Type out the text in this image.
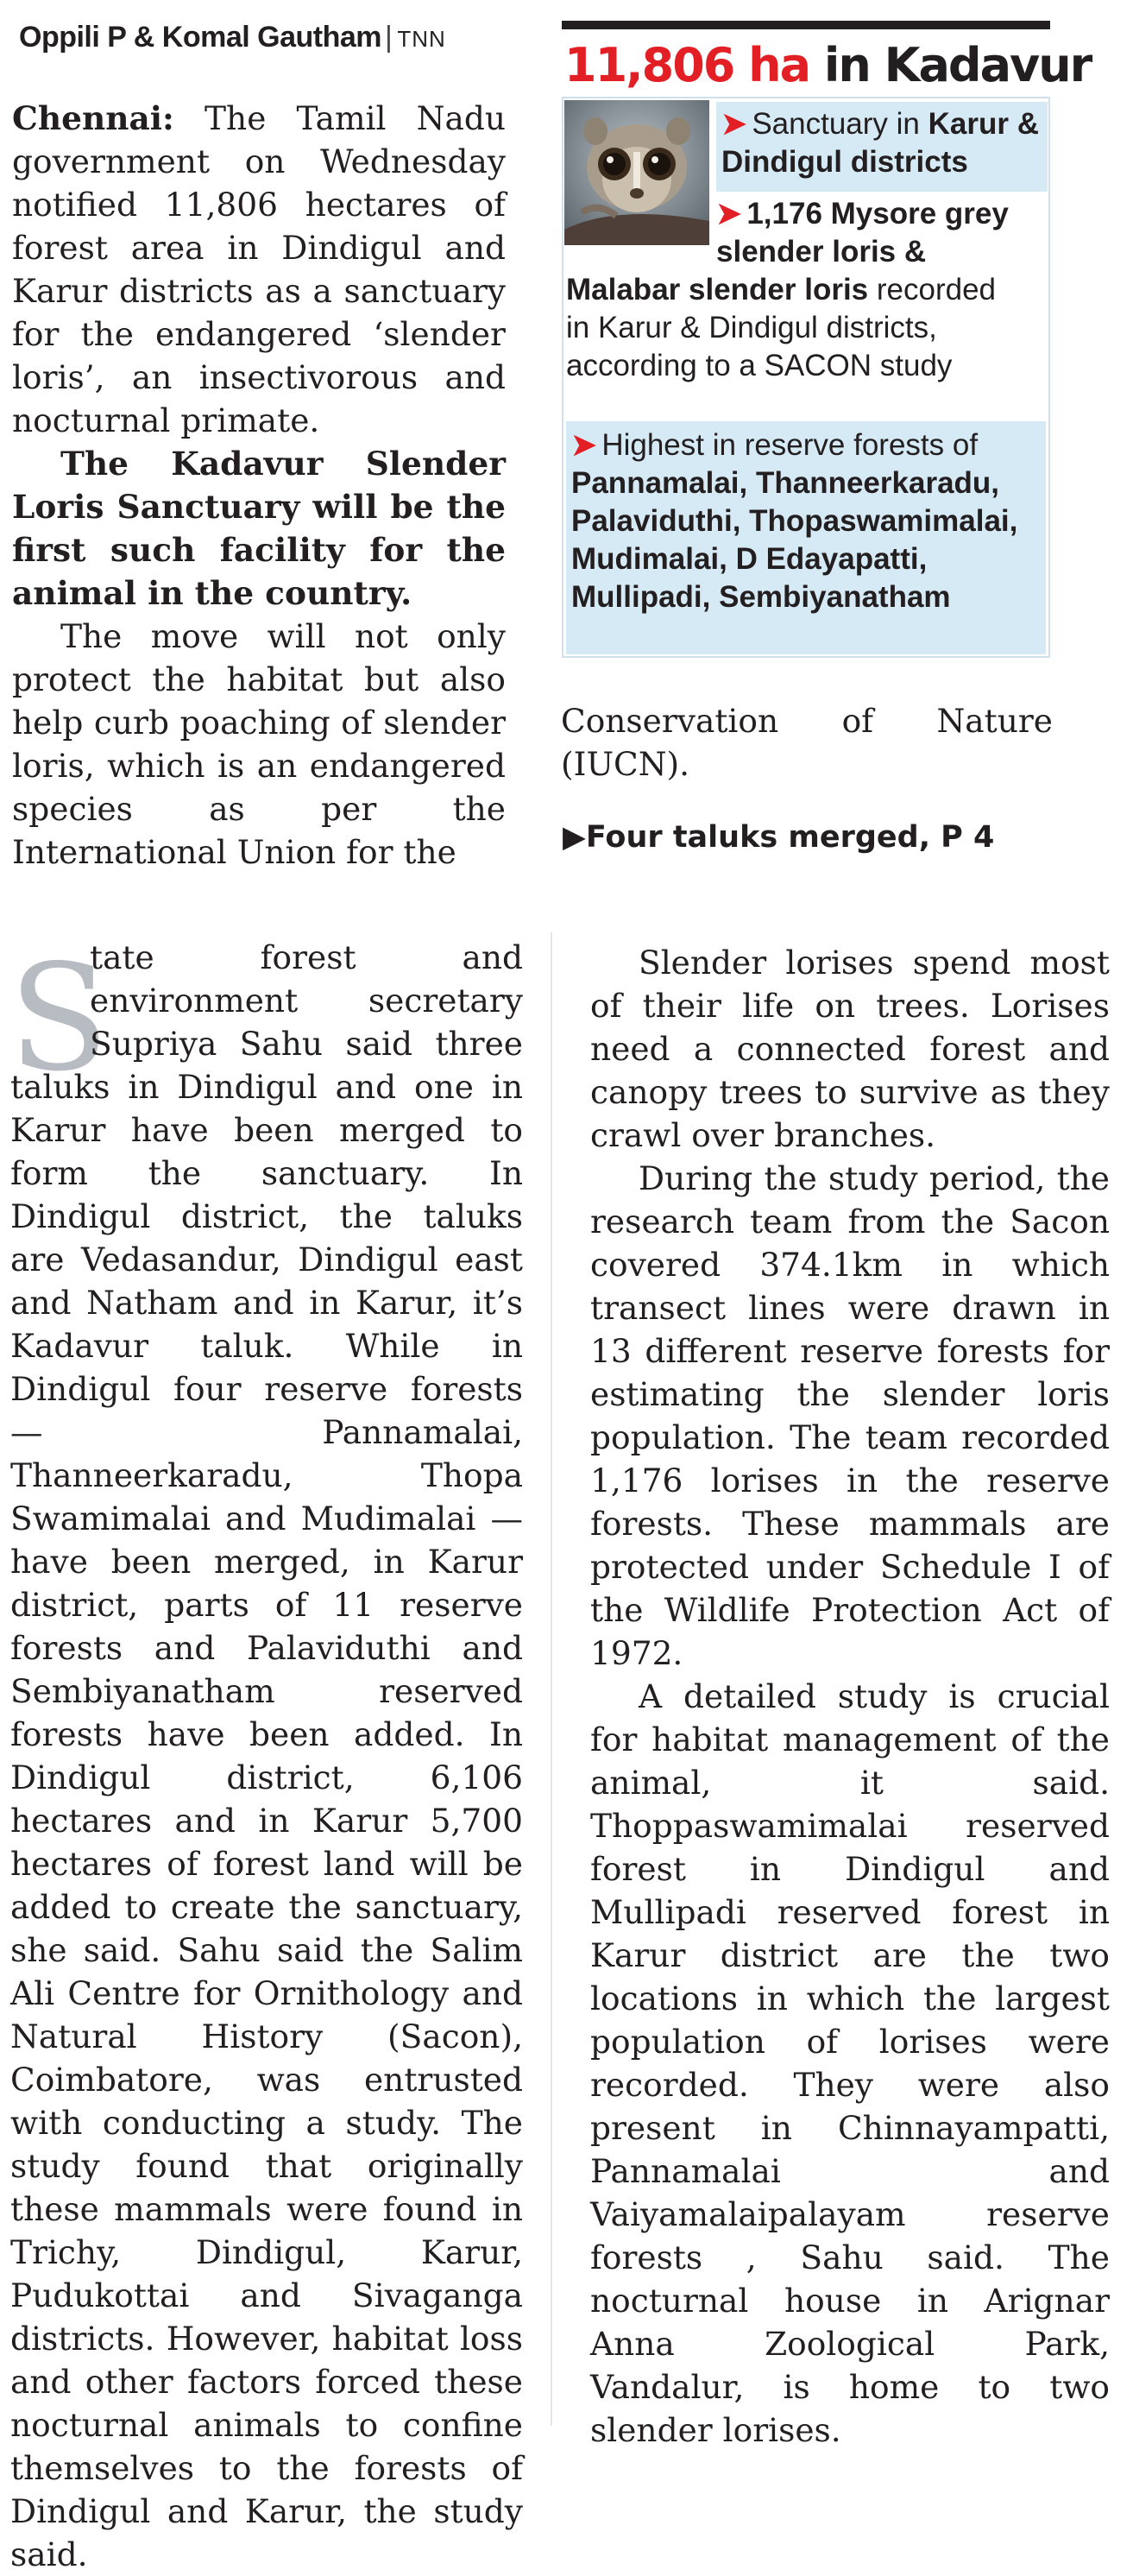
Oppili P & Komal Gautham | TNN

Chennai: The Tamil Nadu government on Wednesday notified 11,806 hectares of forest area in Dindigul and Karur districts as a sanctuary for the endangered ‘slender loris’, an insectivorous and nocturnal primate.

The Kadavur Slender Loris Sanctuary will be the first such facility for the animal in the country.

The move will not only protect the habitat but also help curb poaching of slender loris, which is an endangered species as per the International Union for the

Conservation of Nature (IUCN).

▶Four taluks merged, P 4
11,806 ha in Kadavur
➤ Sanctuary in Karur & Dindigul districts
➤ 1,176 Mysore grey
slender loris &
Malabar slender loris recorded
in Karur & Dindigul districts,
according to a SACON study
➤ Highest in reserve forests of
Pannamalai, Thanneerkaradu, Palaviduthi, Thopaswamimalai, Mudimalai, D Edayapatti, Mullipadi, Sembiyanatham
S

tate forest and environment secretary Supriya Sahu said three taluks in Dindigul and one in Karur have been merged to form the sanctuary. In Dindigul district, the taluks are Vedasandur, Dindigul east and Natham and in Karur, it’s Kadavur taluk. While in Dindigul four reserve forests — Pannamalai, Thanneerkaradu, Thopa Swamimalai and Mudimalai — have been merged, in Karur district, parts of 11 reserve forests and Palaviduthi and Sembiyanatham reserved forests have been added. In Dindigul district, 6,106 hectares and in Karur 5,700 hectares of forest land will be added to create the sanctuary, she said. Sahu said the Salim Ali Centre for Ornithology and Natural History (Sacon), Coimbatore, was entrusted with conducting a study. The study found that originally these mammals were found in Trichy, Dindigul, Karur, Pudukottai and Sivaganga districts. However, habitat loss and other factors forced these nocturnal animals to confine themselves to the forests of Dindigul and Karur, the study said.

Slender lorises spend most of their life on trees. Lorises need a connected forest and canopy trees to survive as they crawl over branches.

During the study period, the research team from the Sacon covered 374.1km in which transect lines were drawn in 13 different reserve forests for estimating the slender loris population. The team recorded 1,176 lorises in the reserve forests. These mammals are protected under Schedule I of the Wildlife Protection Act of 1972.

A detailed study is crucial for habitat management of the animal, it said. Thoppaswamimalai reserved forest in Dindigul and Mullipadi reserved forest in Karur district are the two locations in which the largest population of lorises were recorded. They were also present in Chinnayampatti, Pannamalai and Vaiyamalaipalayam reserve forests , Sahu said. The nocturnal house in Arignar Anna Zoological Park, Vandalur, is home to two slender lorises.
